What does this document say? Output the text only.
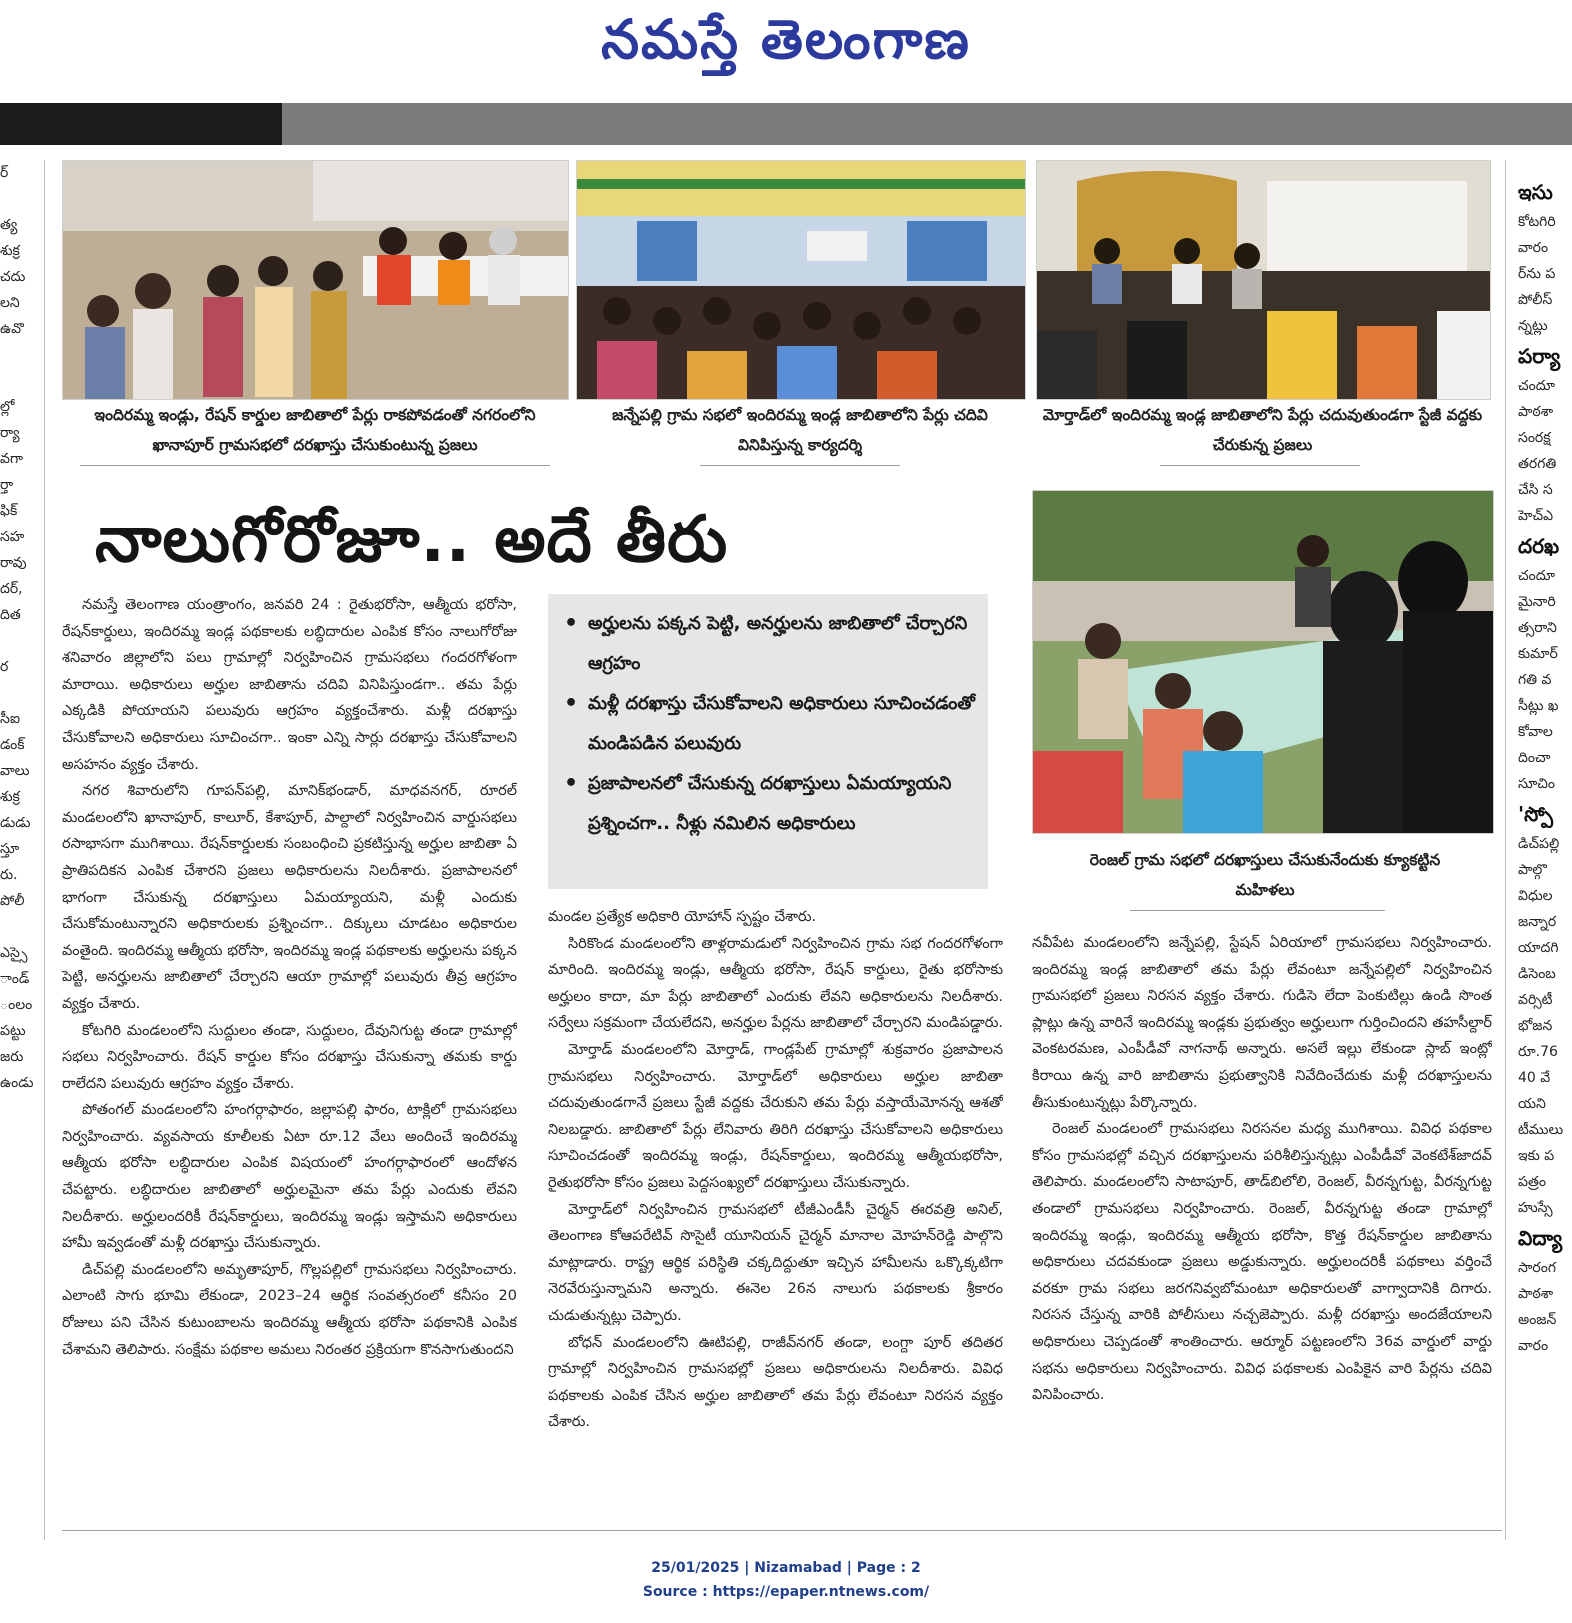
నమస్తే తెలంగాణ
ర్
త్య
శుక్ర
చదు
లని
ఉవొ
ల్లో
ర్యా
వగా
ర్తా
ఫిక్
సహ
రావు
దర్,
దిత
ర
సీఐ
డంక్
వాలు
శుక్ర
డుడు
స్తూ
రు.
పోలీ
ఎస్సై
ాండ్
ంలం
పట్టు
జరు
ఉండు
ఇందిరమ్మ ఇండ్లు, రేషన్ కార్డుల జాబితాలో పేర్లు రాకపోవడంతో నగరంలోని ఖానాపూర్ గ్రామసభలో దరఖాస్తు చేసుకుంటున్న ప్రజలు
జన్నేపల్లి గ్రామ సభలో ఇందిరమ్మ ఇండ్ల జాబితాలోని పేర్లు చదివి వినిపిస్తున్న కార్యదర్శి
మోర్తాడ్‌లో ఇందిరమ్మ ఇండ్ల జాబితాలోని పేర్లు చదువుతుండగా స్టేజీ వద్దకు చేరుకున్న ప్రజలు
నాలుగోరోజూ.. అదే తీరు
రెంజల్ గ్రామ సభలో దరఖాస్తులు చేసుకునేందుకు క్యూకట్టిన మహిళలు
• అర్హులను పక్కన పెట్టి, అనర్హులను జాబితాలో చేర్చారని ఆగ్రహం
• మళ్లీ దరఖాస్తు చేసుకోవాలని అధికారులు సూచించడంతో మండిపడిన పలువురు
• ప్రజాపాలనలో చేసుకున్న దరఖాస్తులు ఏమయ్యాయని ప్రశ్నించగా.. నీళ్లు నమిలిన అధికారులు

నమస్తే తెలంగాణ యంత్రాంగం, జనవరి 24 : రైతుభరోసా, ఆత్మీయ భరోసా, రేషన్‌కార్డులు, ఇందిరమ్మ ఇండ్ల పథకాలకు లబ్ధిదారుల ఎంపిక కోసం నాలుగోరోజు శనివారం జిల్లాలోని పలు గ్రామాల్లో నిర్వహించిన గ్రామసభలు గందరగోళంగా మారాయి. అధికారులు అర్హుల జాబితాను చదివి వినిపిస్తుండగా.. తమ పేర్లు ఎక్కడికి పోయాయని పలువురు ఆగ్రహం వ్యక్తంచేశారు. మళ్లీ దరఖాస్తు చేసుకోవాలని అధికారులు సూచించగా.. ఇంకా ఎన్ని సార్లు దరఖాస్తు చేసుకోవాలని అసహనం వ్యక్తం చేశారు.

నగర శివారులోని గూపన్‌పల్లి, మానిక్‌భండార్, మాధవనగర్, రూరల్ మండలంలోని ఖానాపూర్, కాలూర్, కేశాపూర్, పాల్దాలో నిర్వహించిన వార్డుసభలు రసాభాసగా ముగిశాయి. రేషన్‌కార్డులకు సంబంధించి ప్రకటిస్తున్న అర్హుల జాబితా ఏ ప్రాతిపదికన ఎంపిక చేశారని ప్రజలు అధికారులను నిలదీశారు. ప్రజాపాలనలో భాగంగా చేసుకున్న దరఖాస్తులు ఏమయ్యాయని, మళ్లీ ఎందుకు చేసుకోమంటున్నారని అధికారులకు ప్రశ్నించగా.. దిక్కులు చూడటం అధికారుల వంతైంది. ఇందిరమ్మ ఆత్మీయ భరోసా, ఇందిరమ్మ ఇండ్ల పథకాలకు అర్హులను పక్కన పెట్టి, అనర్హులను జాబితాలో చేర్చారని ఆయా గ్రామాల్లో పలువురు తీవ్ర ఆగ్రహం వ్యక్తం చేశారు.

కోటగిరి మండలంలోని సుద్దులం తండా, సుద్దులం, దేవునిగుట్ట తండా గ్రామాల్లో సభలు నిర్వహించారు. రేషన్ కార్డుల కోసం దరఖాస్తు చేసుకున్నా తమకు కార్డు రాలేదని పలువురు ఆగ్రహం వ్యక్తం చేశారు.

పోతంగల్ మండలంలోని హంగర్గాఫారం, జల్లాపల్లి ఫారం, టాక్లిలో గ్రామసభలు నిర్వహించారు. వ్యవసాయ కూలీలకు ఏటా రూ.12 వేలు అందించే ఇందిరమ్మ ఆత్మీయ భరోసా లబ్ధిదారుల ఎంపిక విషయంలో హంగర్గాఫారంలో ఆందోళన చేపట్టారు. లబ్ధిదారుల జాబితాలో అర్హులమైనా తమ పేర్లు ఎందుకు లేవని నిలదీశారు. అర్హులందరికీ రేషన్‌కార్డులు, ఇందిరమ్మ ఇండ్లు ఇస్తామని అధికారులు హామీ ఇవ్వడంతో మళ్లీ దరఖాస్తు చేసుకున్నారు.

డిచ్‌పల్లి మండలంలోని అమృతాపూర్, గొల్లపల్లిలో గ్రామసభలు నిర్వహించారు. ఎలాంటి సాగు భూమి లేకుండా, 2023–24 ఆర్థిక సంవత్సరంలో కనీసం 20 రోజులు పని చేసిన కుటుంబాలను ఇందిరమ్మ ఆత్మీయ భరోసా పథకానికి ఎంపిక చేశామని తెలిపారు. సంక్షేమ పథకాల అమలు నిరంతర ప్రక్రియగా కొనసాగుతుందని

మండల ప్రత్యేక అధికారి యోహాన్ స్పష్టం చేశారు.

సిరికొండ మండలంలోని తాళ్లరామడులో నిర్వహించిన గ్రామ సభ గందరగోళంగా మారింది. ఇందిరమ్మ ఇండ్లు, ఆత్మీయ భరోసా, రేషన్ కార్డులు, రైతు భరోసాకు అర్హులం కాదా, మా పేర్లు జాబితాలో ఎందుకు లేవని అధికారులను నిలదీశారు. సర్వేలు సక్రమంగా చేయలేదని, అనర్హుల పేర్లను జాబితాలో చేర్చారని మండిపడ్డారు.

మోర్తాడ్ మండలంలోని మోర్తాడ్, గాండ్లపేట్ గ్రామాల్లో శుక్రవారం ప్రజాపాలన గ్రామసభలు నిర్వహించారు. మోర్తాడ్‌లో అధికారులు అర్హుల జాబితా చదువుతుండగానే ప్రజలు స్టేజీ వద్దకు చేరుకుని తమ పేర్లు వస్తాయేమోనన్న ఆశతో నిలబడ్డారు. జాబితాలో పేర్లు లేనివారు తిరిగి దరఖాస్తు చేసుకోవాలని అధికారులు సూచించడంతో ఇందిరమ్మ ఇండ్లు, రేషన్‌కార్డులు, ఇందిరమ్మ ఆత్మీయభరోసా, రైతుభరోసా కోసం ప్రజలు పెద్దసంఖ్యలో దరఖాస్తులు చేసుకున్నారు.

మోర్తాడ్‌లో నిర్వహించిన గ్రామసభలో టీజీఎండీసీ చైర్మన్ ఈరవత్రి అనిల్, తెలంగాణ కోఆపరేటివ్ సొసైటీ యూనియన్ చైర్మన్ మానాల మోహన్‌రెడ్డి పాల్గొని మాట్లాడారు. రాష్ట్ర ఆర్థిక పరిస్థితి చక్కదిద్దుతూ ఇచ్చిన హామీలను ఒక్కొక్కటిగా నెరవేరుస్తున్నామని అన్నారు. ఈనెల 26న నాలుగు పథకాలకు శ్రీకారం చుడుతున్నట్లు చెప్పారు.

బోధన్ మండలంలోని ఊటిపల్లి, రాజీవ్‌నగర్ తండా, లంగ్దా పూర్ తదితర గ్రామాల్లో నిర్వహించిన గ్రామసభల్లో ప్రజలు అధికారులను నిలదీశారు. వివిధ పథకాలకు ఎంపిక చేసిన అర్హుల జాబితాలో తమ పేర్లు లేవంటూ నిరసన వ్యక్తం చేశారు.

నవీపేట మండలంలోని జన్నేపల్లి, స్టేషన్ ఏరియాలో గ్రామసభలు నిర్వహించారు. ఇందిరమ్మ ఇండ్ల జాబితాలో తమ పేర్లు లేవంటూ జన్నేపల్లిలో నిర్వహించిన గ్రామసభలో ప్రజలు నిరసన వ్యక్తం చేశారు. గుడిసె లేదా పెంకుటిల్లు ఉండి సొంత ప్లాట్లు ఉన్న వారినే ఇందిరమ్మ ఇండ్లకు ప్రభుత్వం అర్హులుగా గుర్తించిందని తహసీల్దార్ వెంకటరమణ, ఎంపీడీవో నాగనాథ్ అన్నారు. అసలే ఇల్లు లేకుండా స్లాబ్ ఇంట్లో కిరాయి ఉన్న వారి జాబితాను ప్రభుత్వానికి నివేదించేదుకు మళ్లీ దరఖాస్తులను తీసుకుంటున్నట్లు పేర్కొన్నారు.

రెంజల్ మండలంలో గ్రామసభలు నిరసనల మధ్య ముగిశాయి. వివిధ పథకాల కోసం గ్రామసభల్లో వచ్చిన దరఖాస్తులను పరిశీలిస్తున్నట్లు ఎంపీడీవో వెంకటేశ్‌జాదవ్ తెలిపారు. మండలంలోని సాటాపూర్, తాడ్‌బిలోలి, రెంజల్, వీరన్నగుట్ట, వీరన్నగుట్ట తండాలో గ్రామసభలు నిర్వహించారు. రెంజల్, వీరన్నగుట్ట తండా గ్రామాల్లో ఇందిరమ్మ ఇండ్లు, ఇందిరమ్మ ఆత్మీయ భరోసా, కొత్త రేషన్‌కార్డుల జాబితాను అధికారులు చదవకుండా ప్రజలు అడ్డుకున్నారు. అర్హులందరికీ పథకాలు వర్తించే వరకూ గ్రామ సభలు జరగనివ్వబోమంటూ అధికారులతో వాగ్వాదానికి దిగారు. నిరసన చేస్తున్న వారికి పోలీసులు నచ్చజెప్పారు. మళ్లీ దరఖాస్తు అందజేయాలని అధికారులు చెప్పడంతో శాంతించారు. ఆర్మూర్ పట్టణంలోని 36వ వార్డులో వార్డు సభను అధికారులు నిర్వహించారు. వివిధ పథకాలకు ఎంపికైన వారి పేర్లను చదివి వినిపించారు.

ఇసు
కోటగిరి
వారం
ర్‌ను ప
పోలీస్
న్నట్లు
పర్యా
చందూ
పాఠశా
సంరక్ష
తరగతి
చేసి స
హెచ్ఎ
దరఖ
చందూ
మైనారి
త్సరాని
కుమార్
గతి వ
సీట్లు ఖ
కోవాల
దించా
సూచిం
'స్పో
డిచ్‌పల్లి
పాల్గొ
విధుల
జన్నార
యాదగి
డిసెంబ
వర్సిటీ
భోజన
రూ.76
40 వే
యని
టీములు
ఇకు ప
పత్రం
హుస్సే
విద్యా
సారంగ
పాఠశా
అంజన్
వారం
25/01/2025 | Nizamabad | Page : 2
Source : https://epaper.ntnews.com/
